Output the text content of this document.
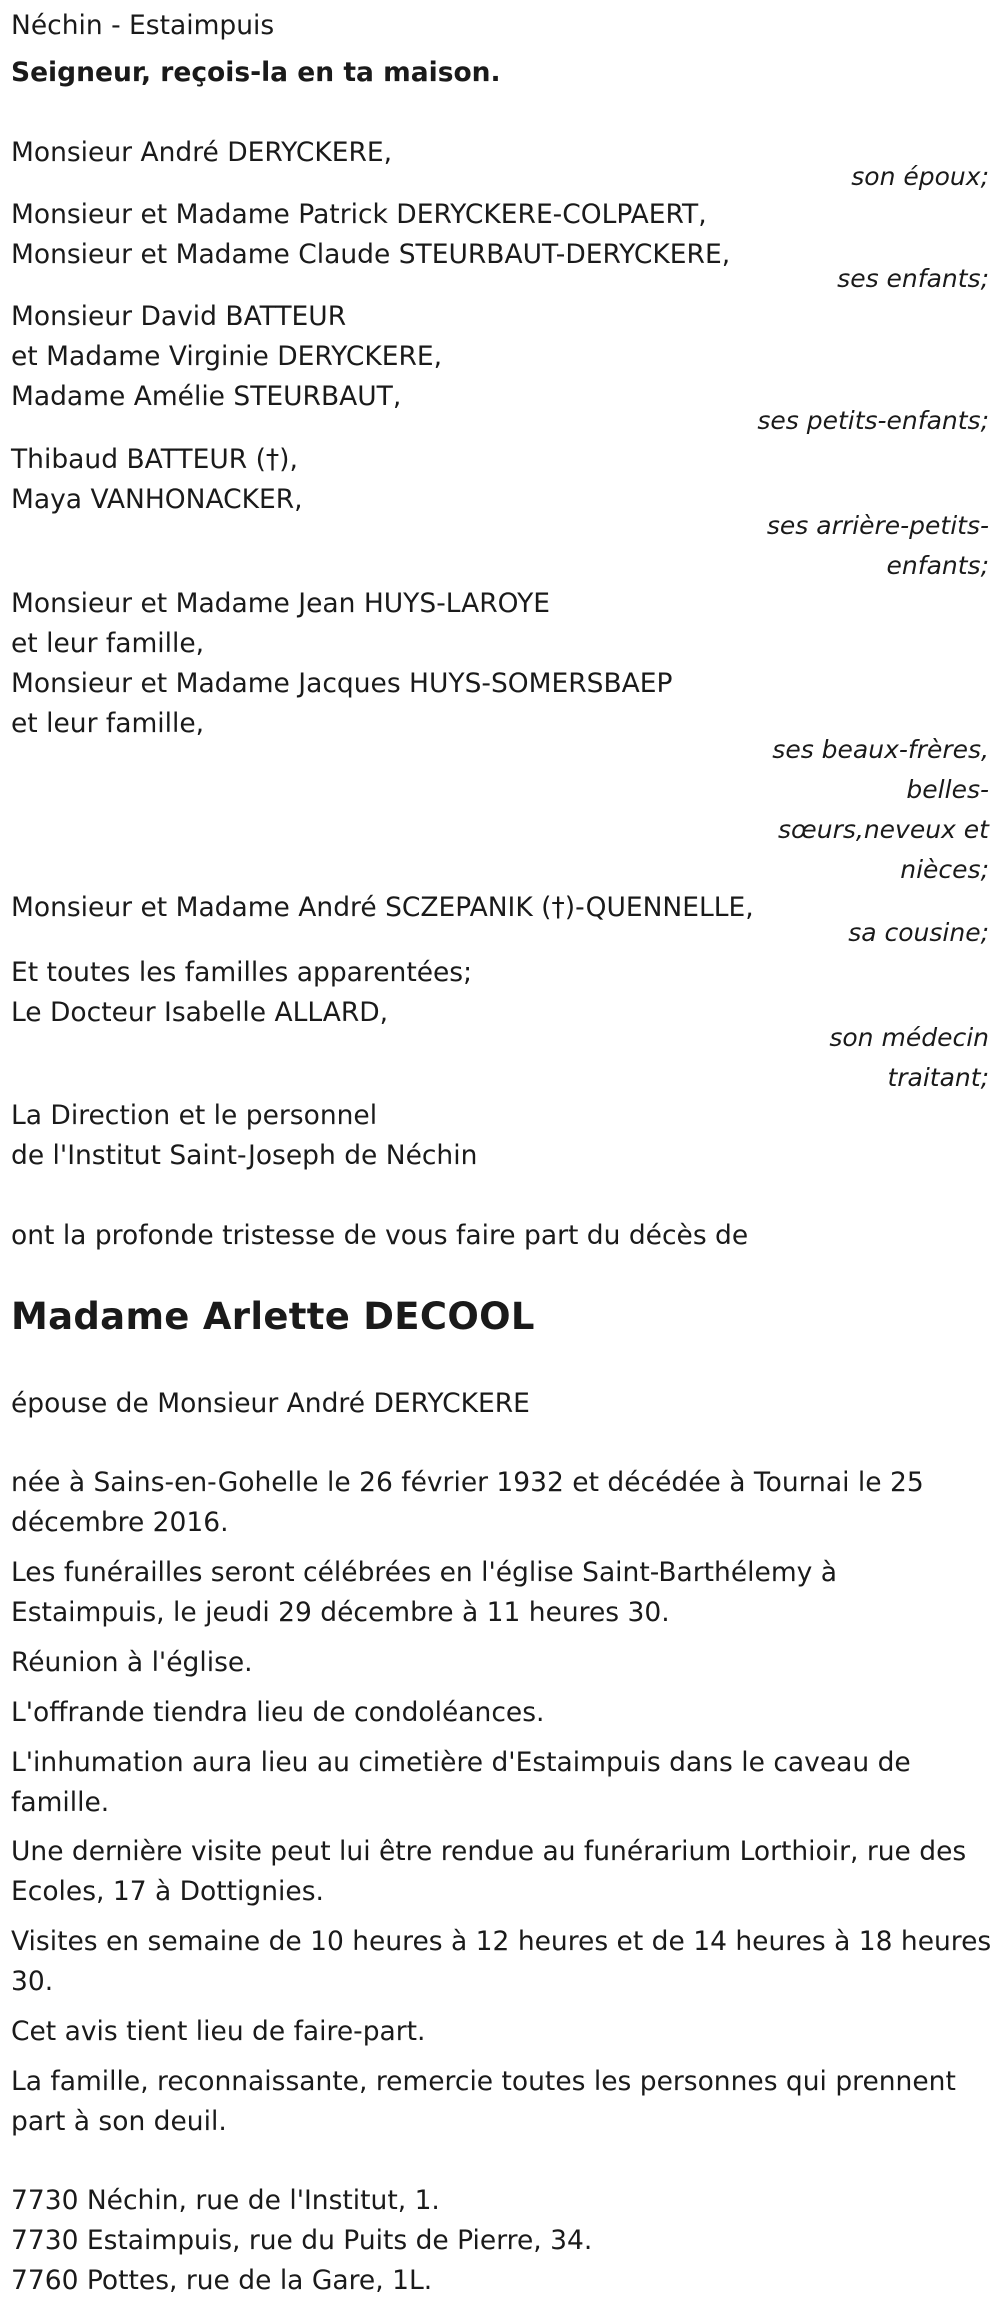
Néchin - Estaimpuis
Seigneur, reçois-la en ta maison.
Monsieur André DERYCKERE,
son époux;
Monsieur et Madame Patrick DERYCKERE-COLPAERT,
Monsieur et Madame Claude STEURBAUT-DERYCKERE,
ses enfants;
Monsieur David BATTEUR
et Madame Virginie DERYCKERE,
Madame Amélie STEURBAUT,
ses petits-enfants;
Thibaud BATTEUR (†),
Maya VANHONACKER,
ses arrière-petits-
enfants;
Monsieur et Madame Jean HUYS-LAROYE
et leur famille,
Monsieur et Madame Jacques HUYS-SOMERSBAEP
et leur famille,
ses beaux-frères,
belles-
sœurs,neveux et
nièces;
Monsieur et Madame André SCZEPANIK (†)-QUENNELLE,
sa cousine;
Et toutes les familles apparentées;
Le Docteur Isabelle ALLARD,
son médecin
traitant;
La Direction et le personnel
de l'Institut Saint-Joseph de Néchin
ont la profonde tristesse de vous faire part du décès de
Madame Arlette DECOOL
épouse de Monsieur André DERYCKERE
née à Sains-en-Gohelle le 26 février 1932 et décédée à Tournai le 25
décembre 2016.
Les funérailles seront célébrées en l'église Saint-Barthélemy à
Estaimpuis, le jeudi 29 décembre à 11 heures 30.
Réunion à l'église.
L'offrande tiendra lieu de condoléances.
L'inhumation aura lieu au cimetière d'Estaimpuis dans le caveau de
famille.
Une dernière visite peut lui être rendue au funérarium Lorthioir, rue des
Ecoles, 17 à Dottignies.
Visites en semaine de 10 heures à 12 heures et de 14 heures à 18 heures
30.
Cet avis tient lieu de faire-part.
La famille, reconnaissante, remercie toutes les personnes qui prennent
part à son deuil.
7730 Néchin, rue de l'Institut, 1.
7730 Estaimpuis, rue du Puits de Pierre, 34.
7760 Pottes, rue de la Gare, 1L.
